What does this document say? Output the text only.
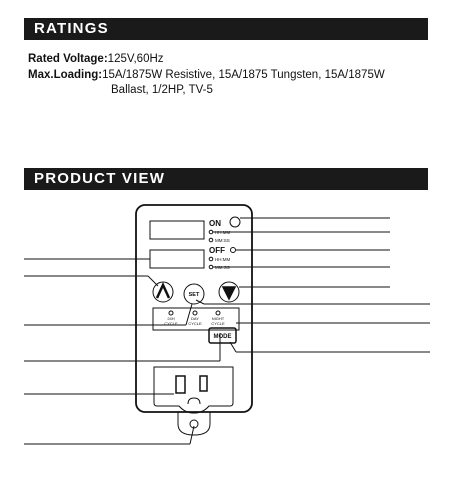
RATINGS
Rated Voltage:125V,60Hz
Max.Loading:15A/1875W Resistive, 15A/1875 Tungsten, 15A/1875W
Ballast, 1/2HP, TV-5
PRODUCT VIEW
ON
HH:MM
MM:SS
OFF
HH:MM
MM:SS
SET
24H
CYCLE
DAY
CYCLE
NIGHT
CYCLE
MODE
